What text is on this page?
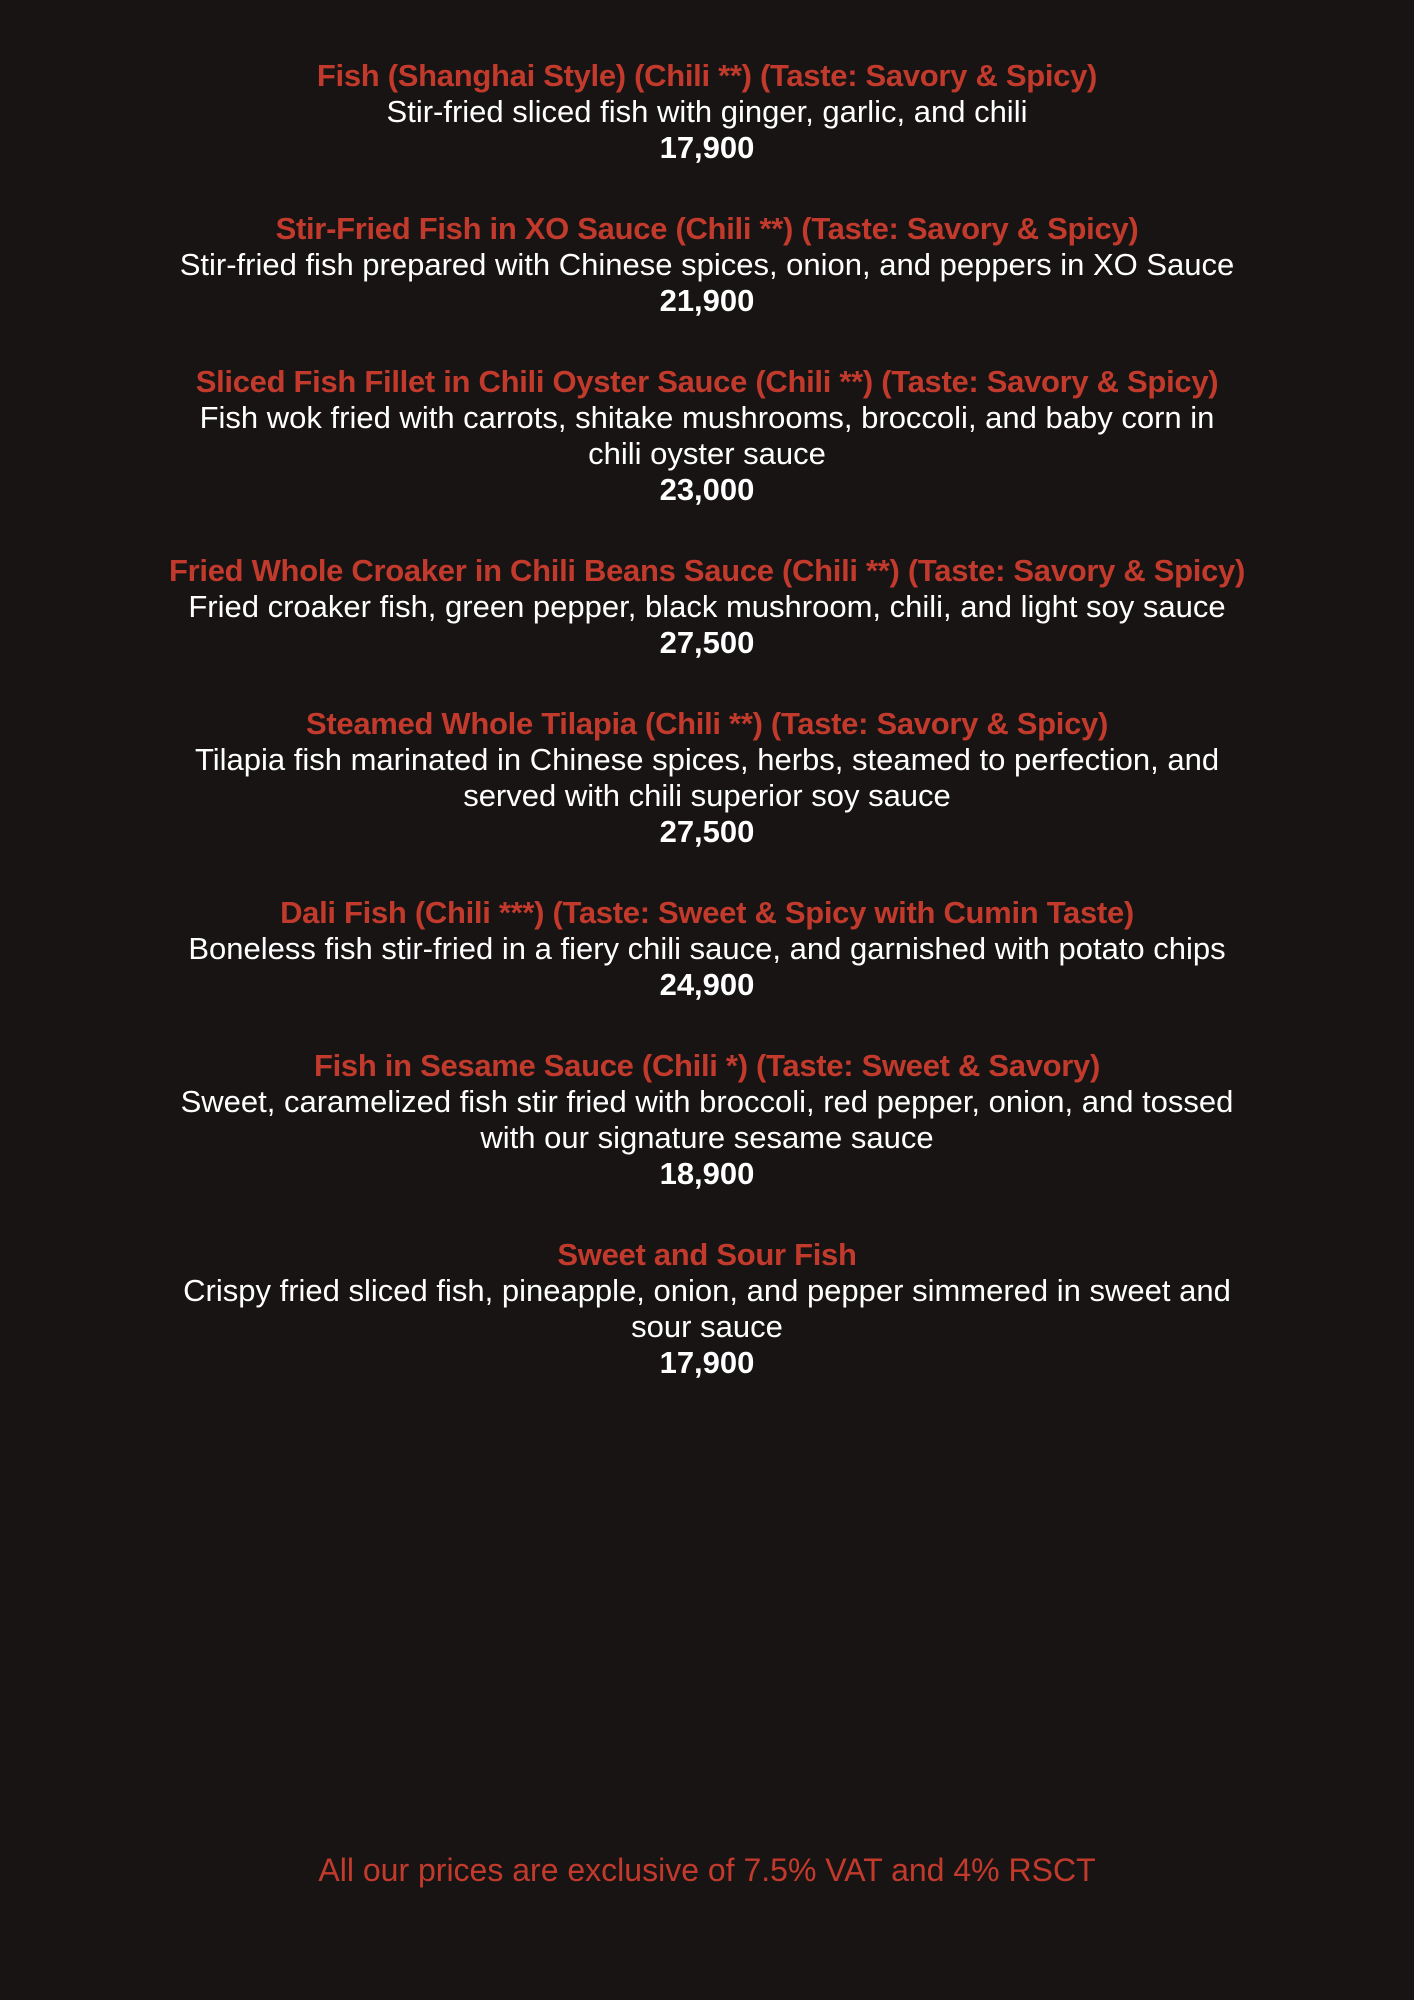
Fish (Shanghai Style) (Chili **) (Taste: Savory & Spicy)

Stir-fried sliced fish with ginger, garlic, and chili

17,900

Stir-Fried Fish in XO Sauce (Chili **) (Taste: Savory & Spicy)

Stir-fried fish prepared with Chinese spices, onion, and peppers in XO Sauce

21,900

Sliced Fish Fillet in Chili Oyster Sauce (Chili **) (Taste: Savory & Spicy)

Fish wok fried with carrots, shitake mushrooms, broccoli, and baby corn in
chili oyster sauce

23,000

Fried Whole Croaker in Chili Beans Sauce (Chili **) (Taste: Savory & Spicy)

Fried croaker fish, green pepper, black mushroom, chili, and light soy sauce

27,500

Steamed Whole Tilapia (Chili **) (Taste: Savory & Spicy)

Tilapia fish marinated in Chinese spices, herbs, steamed to perfection, and
served with chili superior soy sauce

27,500

Dali Fish (Chili ***) (Taste: Sweet & Spicy with Cumin Taste)

Boneless fish stir-fried in a fiery chili sauce, and garnished with potato chips

24,900

Fish in Sesame Sauce (Chili *) (Taste: Sweet & Savory)

Sweet, caramelized fish stir fried with broccoli, red pepper, onion, and tossed
with our signature sesame sauce

18,900

Sweet and Sour Fish

Crispy fried sliced fish, pineapple, onion, and pepper simmered in sweet and
sour sauce

17,900

All our prices are exclusive of 7.5% VAT and 4% RSCT
